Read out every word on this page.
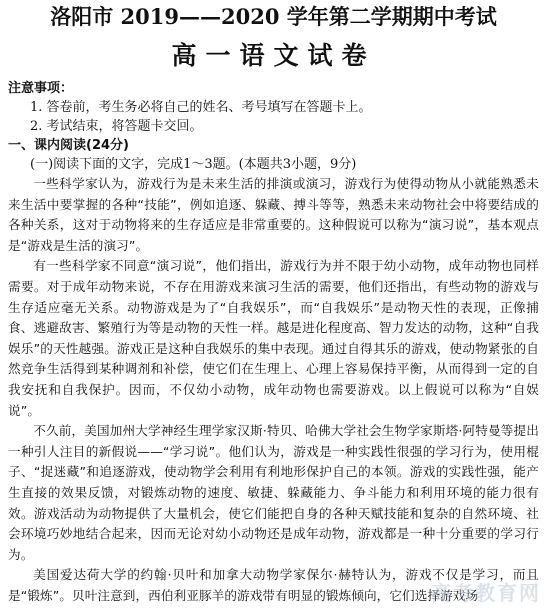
洛阳市 2019——2020 学年第二学期期中考试
高一语文试卷
注意事项：
1. 答卷前，考生务必将自己的姓名、考号填写在答题卡上。
2. 考试结束，将答题卡交回。
一、课内阅读(24分)
(一)阅读下面的文字，完成1～3题。(本题共3小题，9分)

一些科学家认为，游戏行为是未来生活的排演或演习，游戏行为使得动物从小就能熟悉未来生活中要掌握的各种“技能”，例如追逐、躲藏、搏斗等等，熟悉未来动物社会中将要结成的各种关系，这对于动物将来的生存适应是非常重要的。这种假说可以称为“演习说”，基本观点是“游戏是生活的演习”。

有一些科学家不同意“演习说”，他们指出，游戏行为并不限于幼小动物，成年动物也同样需要。对于成年动物来说，不存在用游戏来演习生活的需要，他们还指出，有些动物的游戏与生存适应毫无关系。动物游戏是为了“自我娱乐”，而“自我娱乐”是动物天性的表现，正像捕食、逃避敌害、繁殖行为等是动物的天性一样。越是进化程度高、智力发达的动物，这种“自我娱乐”的天性越强。游戏正是这种自我娱乐的集中表现。通过自得其乐的游戏，使动物紧张的自然竞争生活得到某种调剂和补偿，使它们在生理上、心理上容易保持平衡，从而得到一定的自我安抚和自我保护。因而，不仅幼小动物，成年动物也需要游戏。以上假说可以称为“自娱说”。

不久前，美国加州大学神经生理学家汉斯·特贝、哈佛大学社会生物学家斯塔·阿特曼等提出一种引人注目的新假说——“学习说”。他们认为，游戏是一种实践性很强的学习行为，使用棍子、“捉迷藏”和追逐游戏，使动物学会利用有利地形保护自己的本领。游戏的实践性强，能产生直接的效果反馈，对锻炼动物的速度、敏捷、躲藏能力、争斗能力和利用环境的能力很有效。游戏活动为动物提供了大量机会，使它们能把自身的各种天赋技能和复杂的自然环境、社会环境巧妙地结合起来，因而无论对幼小动物还是成年动物，游戏都是一种十分重要的学习行为。

美国爱达荷大学的约翰·贝叶和加拿大动物学家保尔·赫特认为，游戏不仅是学习，而且是“锻炼”。贝叶注意到，西伯利亚豚羊的游戏带有明显的锻炼倾向，它们选择游戏场

高考教育网
